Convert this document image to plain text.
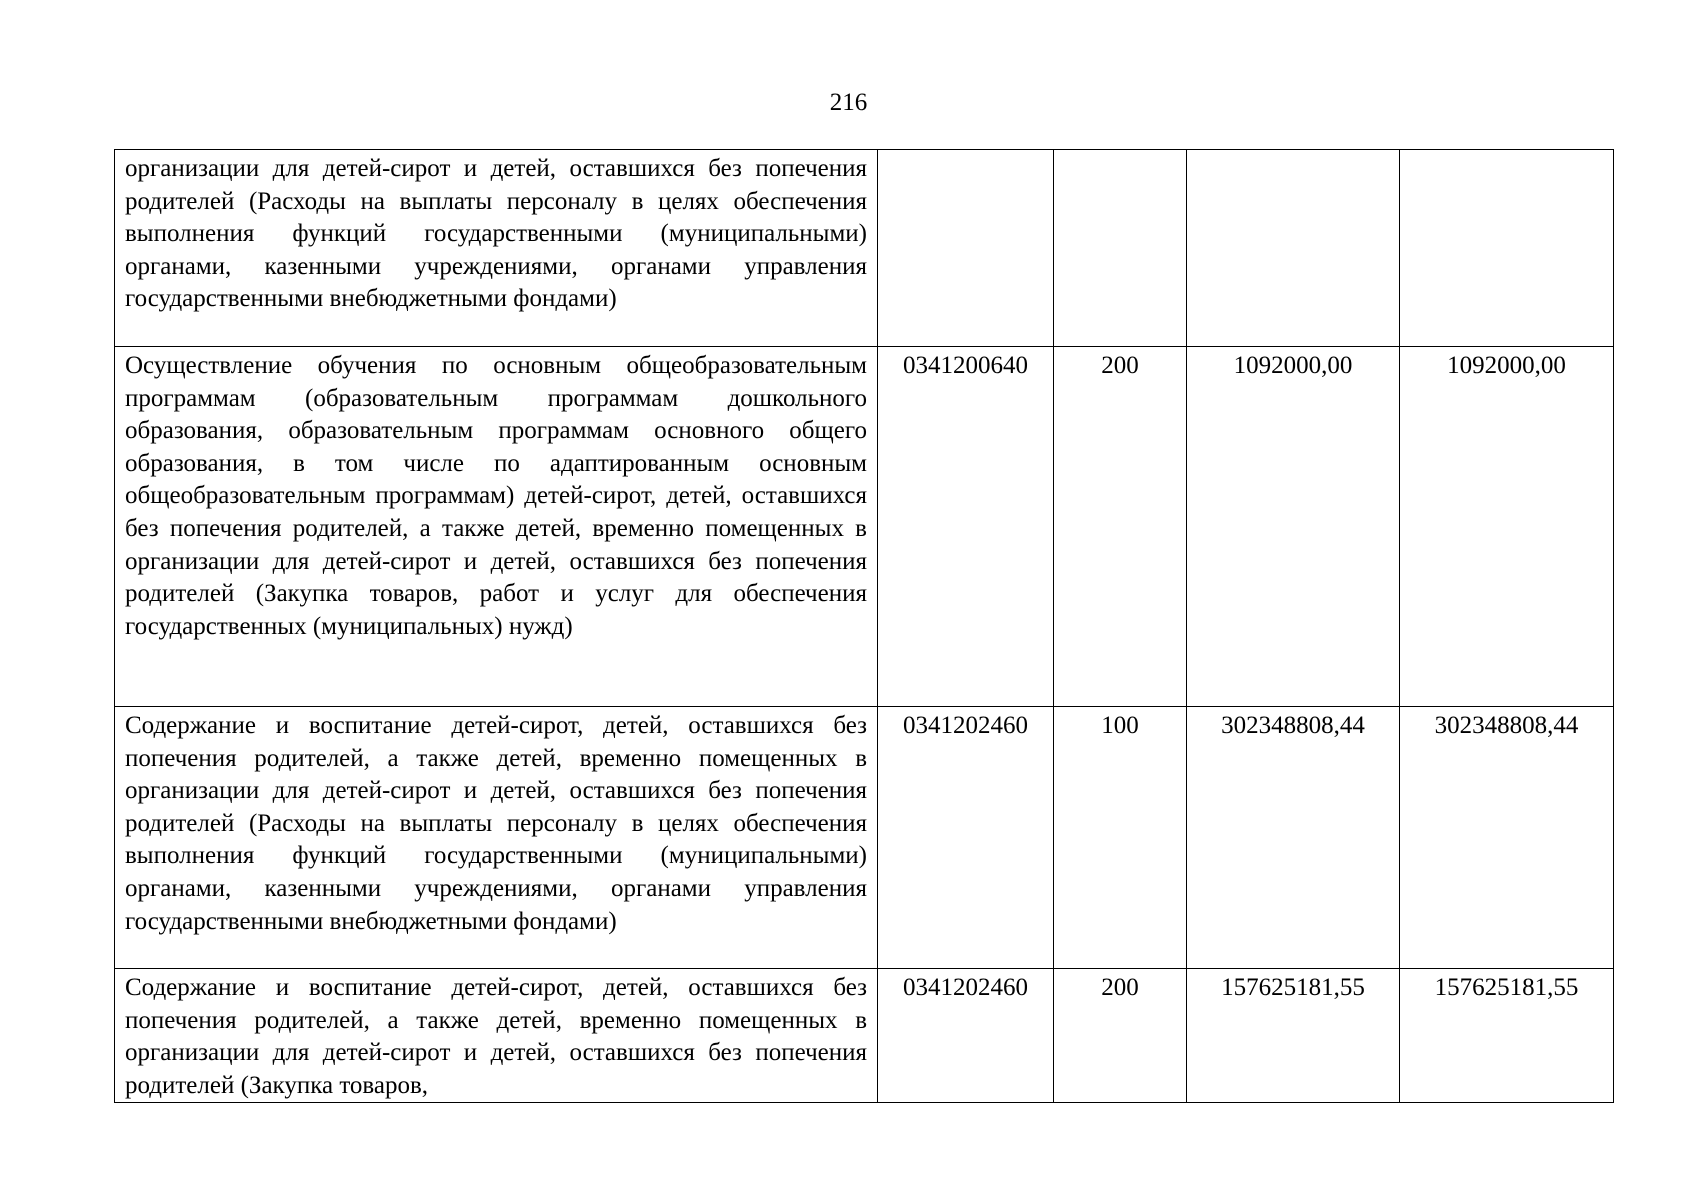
216
организации для детей-сирот и детей, оставшихся без попечения родителей (Расходы на выплаты персоналу в целях обеспечения выполнения функций государственными (муниципальными) органами, казенными учреждениями, органами управления государственными внебюджетными фондами)				
Осуществление обучения по основным общеобразовательным программам (образовательным программам дошкольного образования, образовательным программам основного общего образования, в том числе по адаптированным основным общеобразовательным программам) детей-сирот, детей, оставшихся без попечения родителей, а также детей, временно помещенных в организации для детей-сирот и детей, оставшихся без попечения родителей (Закупка товаров, работ и услуг для обеспечения государственных (муниципальных) нужд)	0341200640	200	1092000,00	1092000,00
Содержание и воспитание детей-сирот, детей, оставшихся без попечения родителей, а также детей, временно помещенных в организации для детей-сирот и детей, оставшихся без попечения родителей (Расходы на выплаты персоналу в целях обеспечения выполнения функций государственными (муниципальными) органами, казенными учреждениями, органами управления государственными внебюджетными фондами)	0341202460	100	302348808,44	302348808,44
Содержание и воспитание детей-сирот, детей, оставшихся без попечения родителей, а также детей, временно помещенных в организации для детей-сирот и детей, оставшихся без попечения родителей (Закупка товаров,	0341202460	200	157625181,55	157625181,55
